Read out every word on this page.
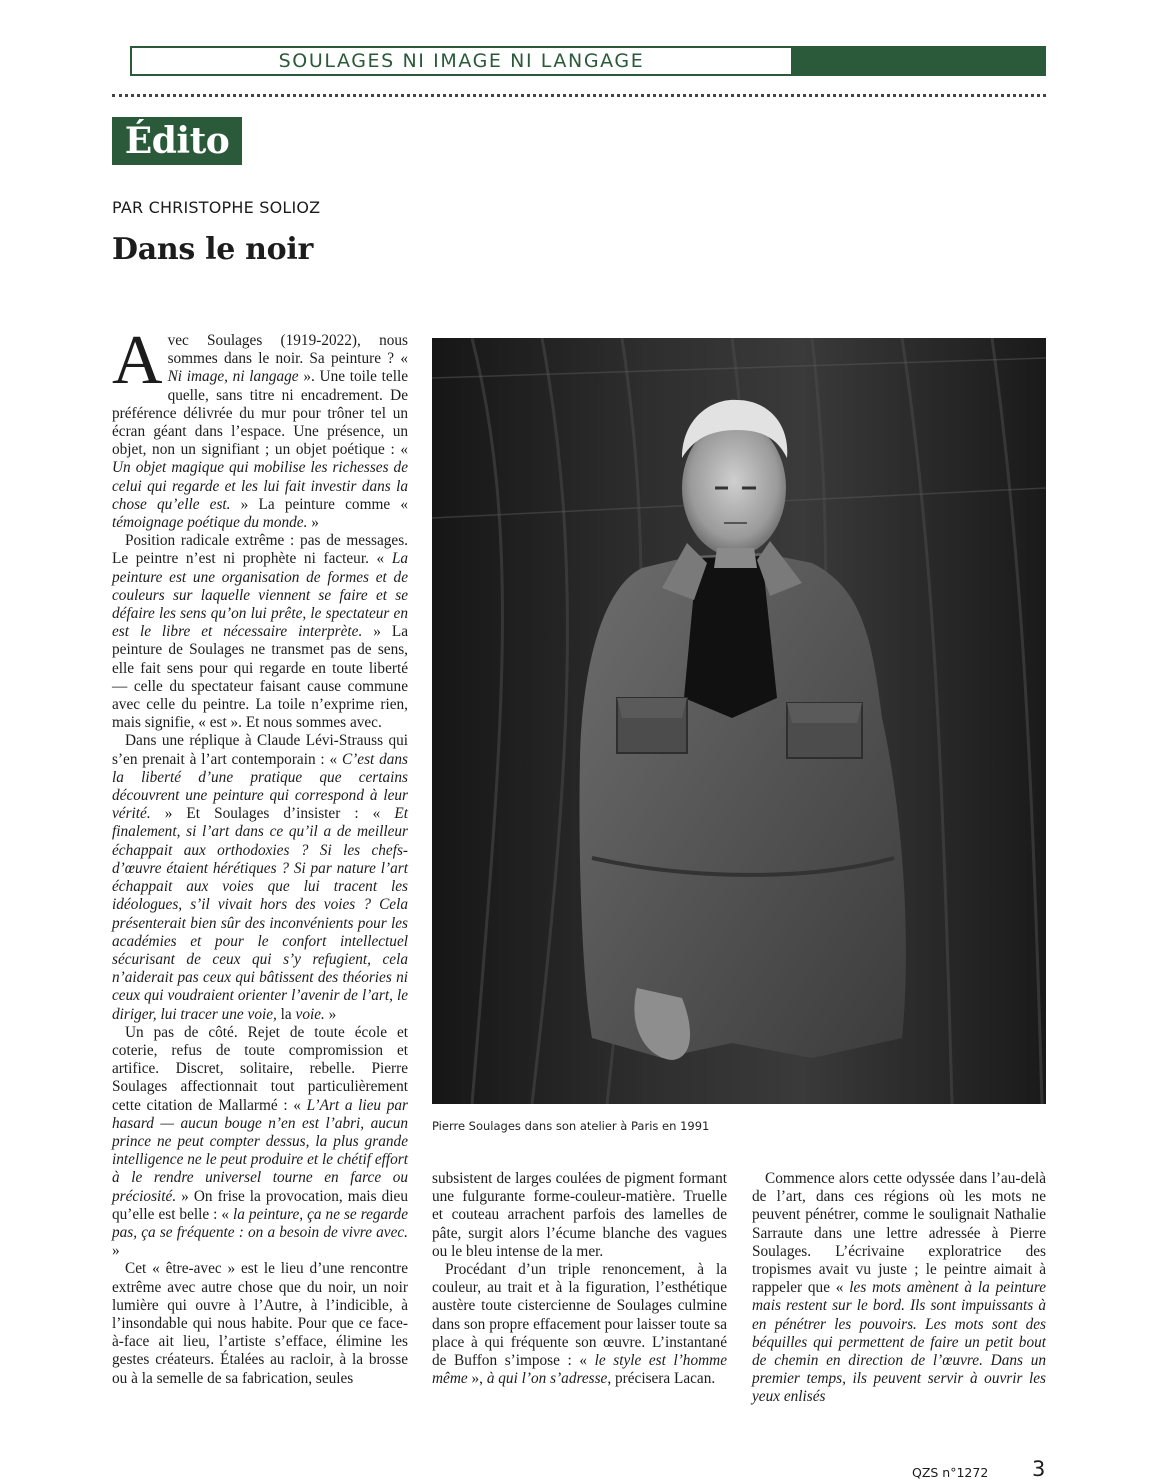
SOULAGES NI IMAGE NI LANGAGE
Édito
PAR CHRISTOPHE SOLIOZ
Dans le noir

Avec Soulages (1919-2022), nous sommes dans le noir. Sa peinture ? « Ni image, ni langage ». Une toile telle quelle, sans titre ni encadrement. De préférence délivrée du mur pour trôner tel un écran géant dans l’espace. Une présence, un objet, non un signifiant ; un objet poétique : « Un objet magique qui mobilise les richesses de celui qui regarde et les lui fait investir dans la chose qu’elle est. » La peinture comme « témoignage poétique du monde. »

Position radicale extrême : pas de messages. Le peintre n’est ni prophète ni facteur. « La peinture est une organisation de formes et de couleurs sur laquelle viennent se faire et se défaire les sens qu’on lui prête, le spectateur en est le libre et nécessaire interprète. » La peinture de Soulages ne transmet pas de sens, elle fait sens pour qui regarde en toute liberté — celle du spectateur faisant cause commune avec celle du peintre. La toile n’exprime rien, mais signifie, « est ». Et nous sommes avec.

Dans une réplique à Claude Lévi-Strauss qui s’en prenait à l’art contemporain : « C’est dans la liberté d’une pratique que certains découvrent une peinture qui correspond à leur vérité. » Et Soulages d’insister : « Et finalement, si l’art dans ce qu’il a de meilleur échappait aux orthodoxies ? Si les chefs-d’œuvre étaient hérétiques ? Si par nature l’art échappait aux voies que lui tracent les idéologues, s’il vivait hors des voies ? Cela présenterait bien sûr des inconvénients pour les académies et pour le confort intellectuel sécurisant de ceux qui s’y refugient, cela n’aiderait pas ceux qui bâtissent des théories ni ceux qui voudraient orienter l’avenir de l’art, le diriger, lui tracer une voie, la voie. »

Un pas de côté. Rejet de toute école et coterie, refus de toute compromission et artifice. Discret, solitaire, rebelle. Pierre Soulages affectionnait tout particulièrement cette citation de Mallarmé : « L’Art a lieu par hasard — aucun bouge n’en est l’abri, aucun prince ne peut compter dessus, la plus grande intelligence ne le peut produire et le chétif effort à le rendre universel tourne en farce ou préciosité. » On frise la provocation, mais dieu qu’elle est belle : « la peinture, ça ne se regarde pas, ça se fréquente : on a besoin de vivre avec. »

Cet « être-avec » est le lieu d’une rencontre extrême avec autre chose que du noir, un noir lumière qui ouvre à l’Autre, à l’indicible, à l’insondable qui nous habite. Pour que ce face-à-face ait lieu, l’artiste s’efface, élimine les gestes créateurs. Étalées au racloir, à la brosse ou à la semelle de sa fabrication, seules

Pierre Soulages dans son atelier à Paris en 1991

subsistent de larges coulées de pigment formant une fulgurante forme-couleur-matière. Truelle et couteau arrachent parfois des lamelles de pâte, surgit alors l’écume blanche des vagues ou le bleu intense de la mer.

Procédant d’un triple renoncement, à la couleur, au trait et à la figuration, l’esthétique austère toute cistercienne de Soulages culmine dans son propre effacement pour laisser toute sa place à qui fréquente son œuvre. L’instantané de Buffon s’impose : « le style est l’homme même », à qui l’on s’adresse, précisera Lacan.

Commence alors cette odyssée dans l’au-delà de l’art, dans ces régions où les mots ne peuvent pénétrer, comme le soulignait Nathalie Sarraute dans une lettre adressée à Pierre Soulages. L’écrivaine exploratrice des tropismes avait vu juste ; le peintre aimait à rappeler que « les mots amènent à la peinture mais restent sur le bord. Ils sont impuissants à en pénétrer les pouvoirs. Les mots sont des béquilles qui permettent de faire un petit bout de chemin en direction de l’œuvre. Dans un premier temps, ils peuvent servir à ouvrir les yeux enlisés

QZS n°1272 3
